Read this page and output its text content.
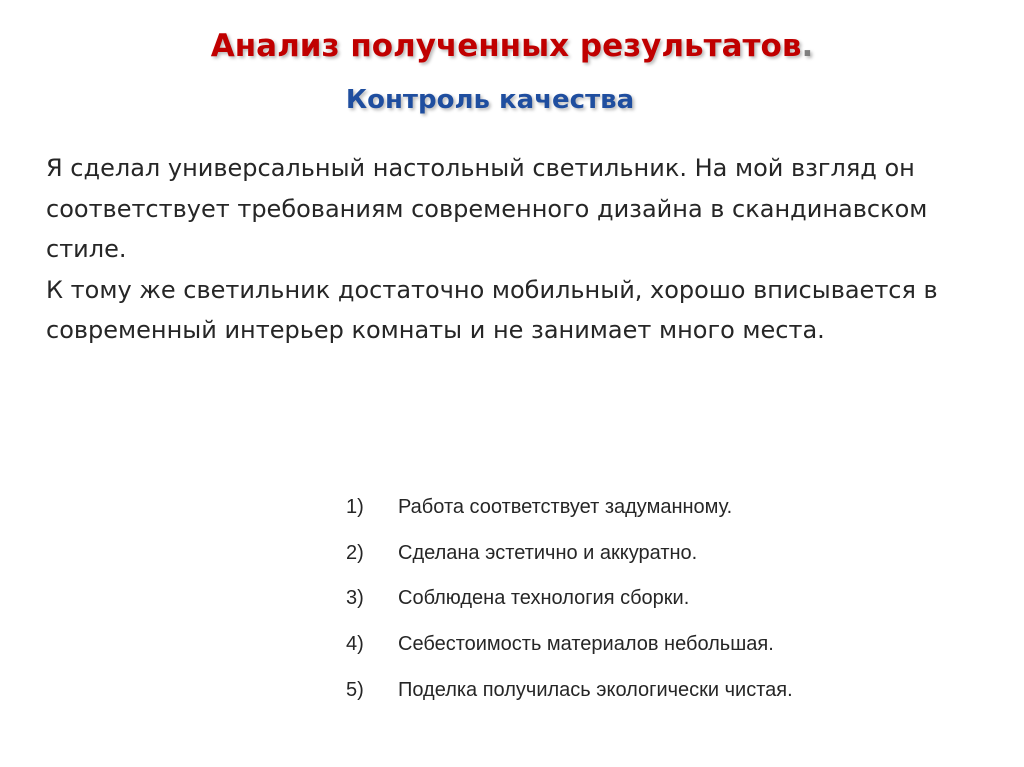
Анализ полученных результатов.
Контроль качества

Я сделал универсальный настольный светильник. На мой взгляд он соответствует требованиям современного дизайна в скандинавском стиле.

К тому же светильник достаточно мобильный, хорошо вписывается в современный интерьер комнаты и не занимает много места.

1)	Работа соответствует задуманному.
2)	Сделана эстетично и аккуратно.
3)	Соблюдена технология сборки.
4)	Себестоимость материалов небольшая.
5)	Поделка получилась экологически чистая.
